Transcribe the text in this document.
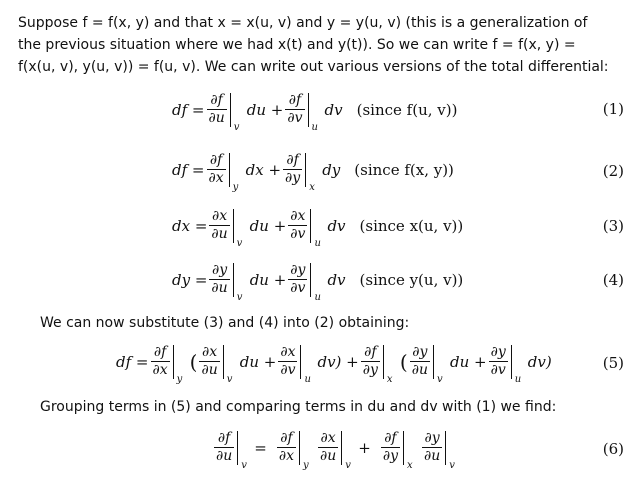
Suppose f = f(x, y) and that x = x(u, v) and y = y(u, v) (this is a generalization of
the previous situation where we had x(t) and y(t)). So we can write f = f(x, y) =
f(x(u, v), y(u, v)) = f(u, v). We can write out various versions of the total differential:
df = $\frac{\partial f}{\partial u}$ v
du + $\frac{\partial f}{\partial v}$ u
dv (since f(u, v))	(1)
df = $\frac{\partial f}{\partial x}$ y
dx + $\frac{\partial f}{\partial y}$ x
dy (since f(x, y))	(2)
dx = $\frac{\partial x}{\partial u}$ v
du + $\frac{\partial x}{\partial v}$ u
dv (since x(u, v))	(3)
dy = $\frac{\partial y}{\partial u}$ v
du + $\frac{\partial y}{\partial v}$ u
dv (since y(u, v))	(4)
We can now substitute (3) and (4) into (2) obtaining:
df = $\frac{\partial f}{\partial x}$ y
( $\frac{\partial x}{\partial u}$ v
du + $\frac{\partial x}{\partial v}$ u
$dv) + \frac{\partial f}{\partial y}$ x
( $\frac{\partial y}{\partial u}$ v
du + $\frac{\partial y}{\partial v}$ u
dv)	(5)
Grouping terms in (5) and comparing terms in du and dv with (1) we find:
$\frac{\partial f}{\partial u}$ v
= $\frac{\partial f}{\partial x}$ y $\frac{\partial x}{\partial u}$ v
+ $\frac{\partial f}{\partial y}$ x $\frac{\partial y}{\partial u}$ v
(6)
